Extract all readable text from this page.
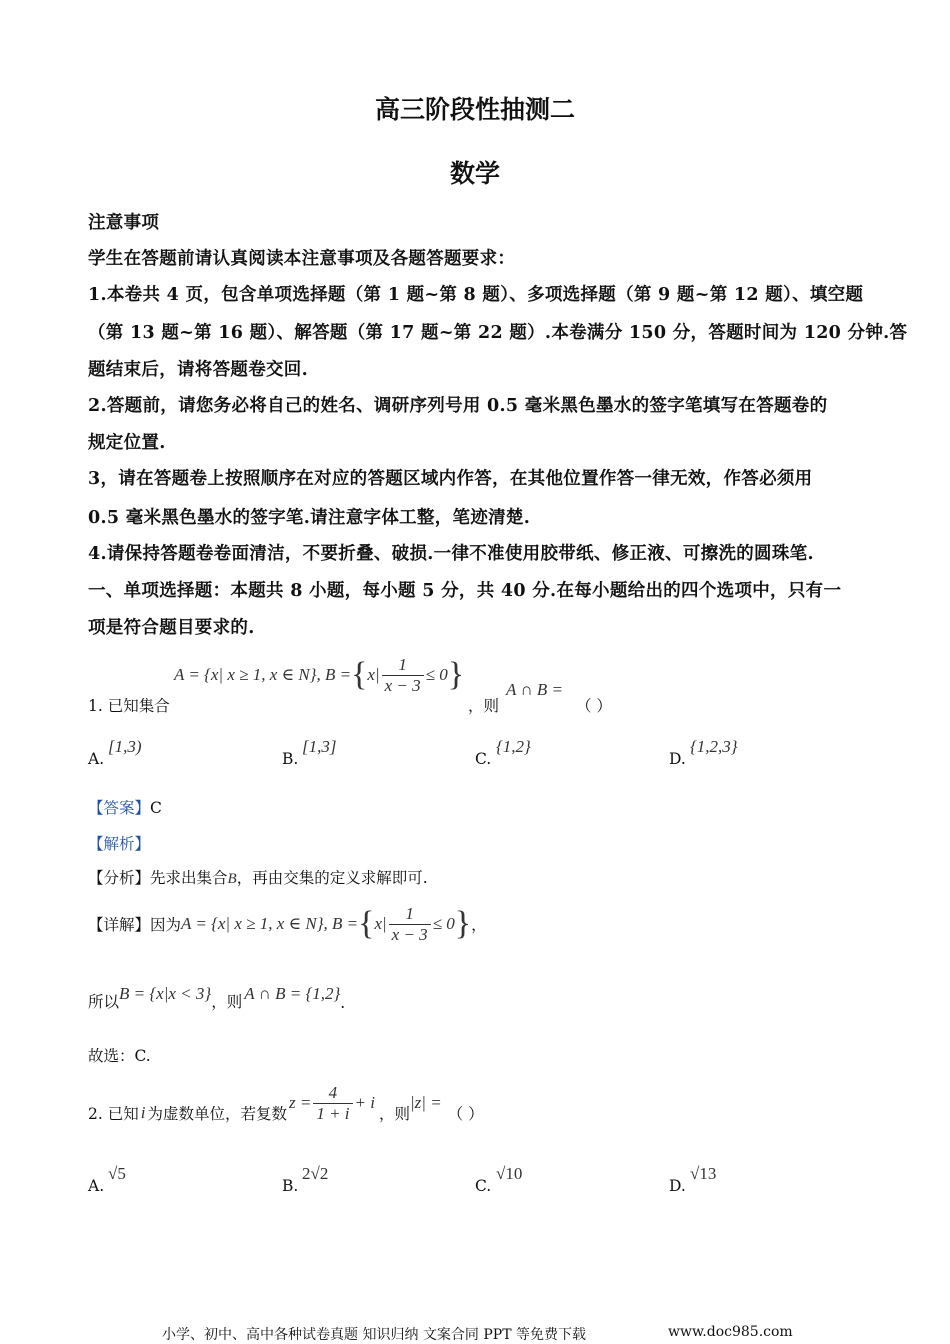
高三阶段性抽测二
数学
注意事项
学生在答题前请认真阅读本注意事项及各题答题要求：
1.本卷共 4 页，包含单项选择题（第 1 题~第 8 题）、多项选择题（第 9 题~第 12 题）、填空题
（第 13 题~第 16 题）、解答题（第 17 题~第 22 题）.本卷满分 150 分，答题时间为 120 分钟.答
题结束后，请将答题卷交回.
2.答题前，请您务必将自己的姓名、调研序列号用 0.5 毫米黑色墨水的签字笔填写在答题卷的
规定位置.
3，请在答题卷上按照顺序在对应的答题区域内作答，在其他位置作答一律无效，作答必须用
0.5 毫米黑色墨水的签字笔.请注意字体工整，笔迹清楚.
4.请保持答题卷卷面清洁，不要折叠、破损.一律不准使用胶带纸、修正液、可擦洗的圆珠笔.
一、单项选择题：本题共 8 小题，每小题 5 分，共 40 分.在每小题给出的四个选项中，只有一
项是符合题目要求的.
A = {x| x ≥ 1, x ∈ N}, B = { $x| \frac{1}{x - 3} \le 0$ }
1. 已知集合	，则
A ∩ B =
（ ）
A.
[1,3)
B.
[1,3]
C.
{1,2}
D.
{1,2,3}
【答案】C
【解析】
【分析】先求出集合B，再由交集的定义求解即可.
【详解】 因为 A = {x| x ≥ 1, x ∈ N}, B = { $x| \frac{1}{x - 3} \le 0$ } ，
所以 B = {x|x < 3} ，则 A ∩ B = {1,2} .
故选：C.
2. 已知 i 为虚数单位，若复数
$z = \frac{4}{1 + i} + i$
，则
|z| =
（ ）
A.
√5
B.
2√2
C.
√10
D.
√13
小学、初中、高中各种试卷真题 知识归纳 文案合同 PPT 等免费下载	www.doc985.com
